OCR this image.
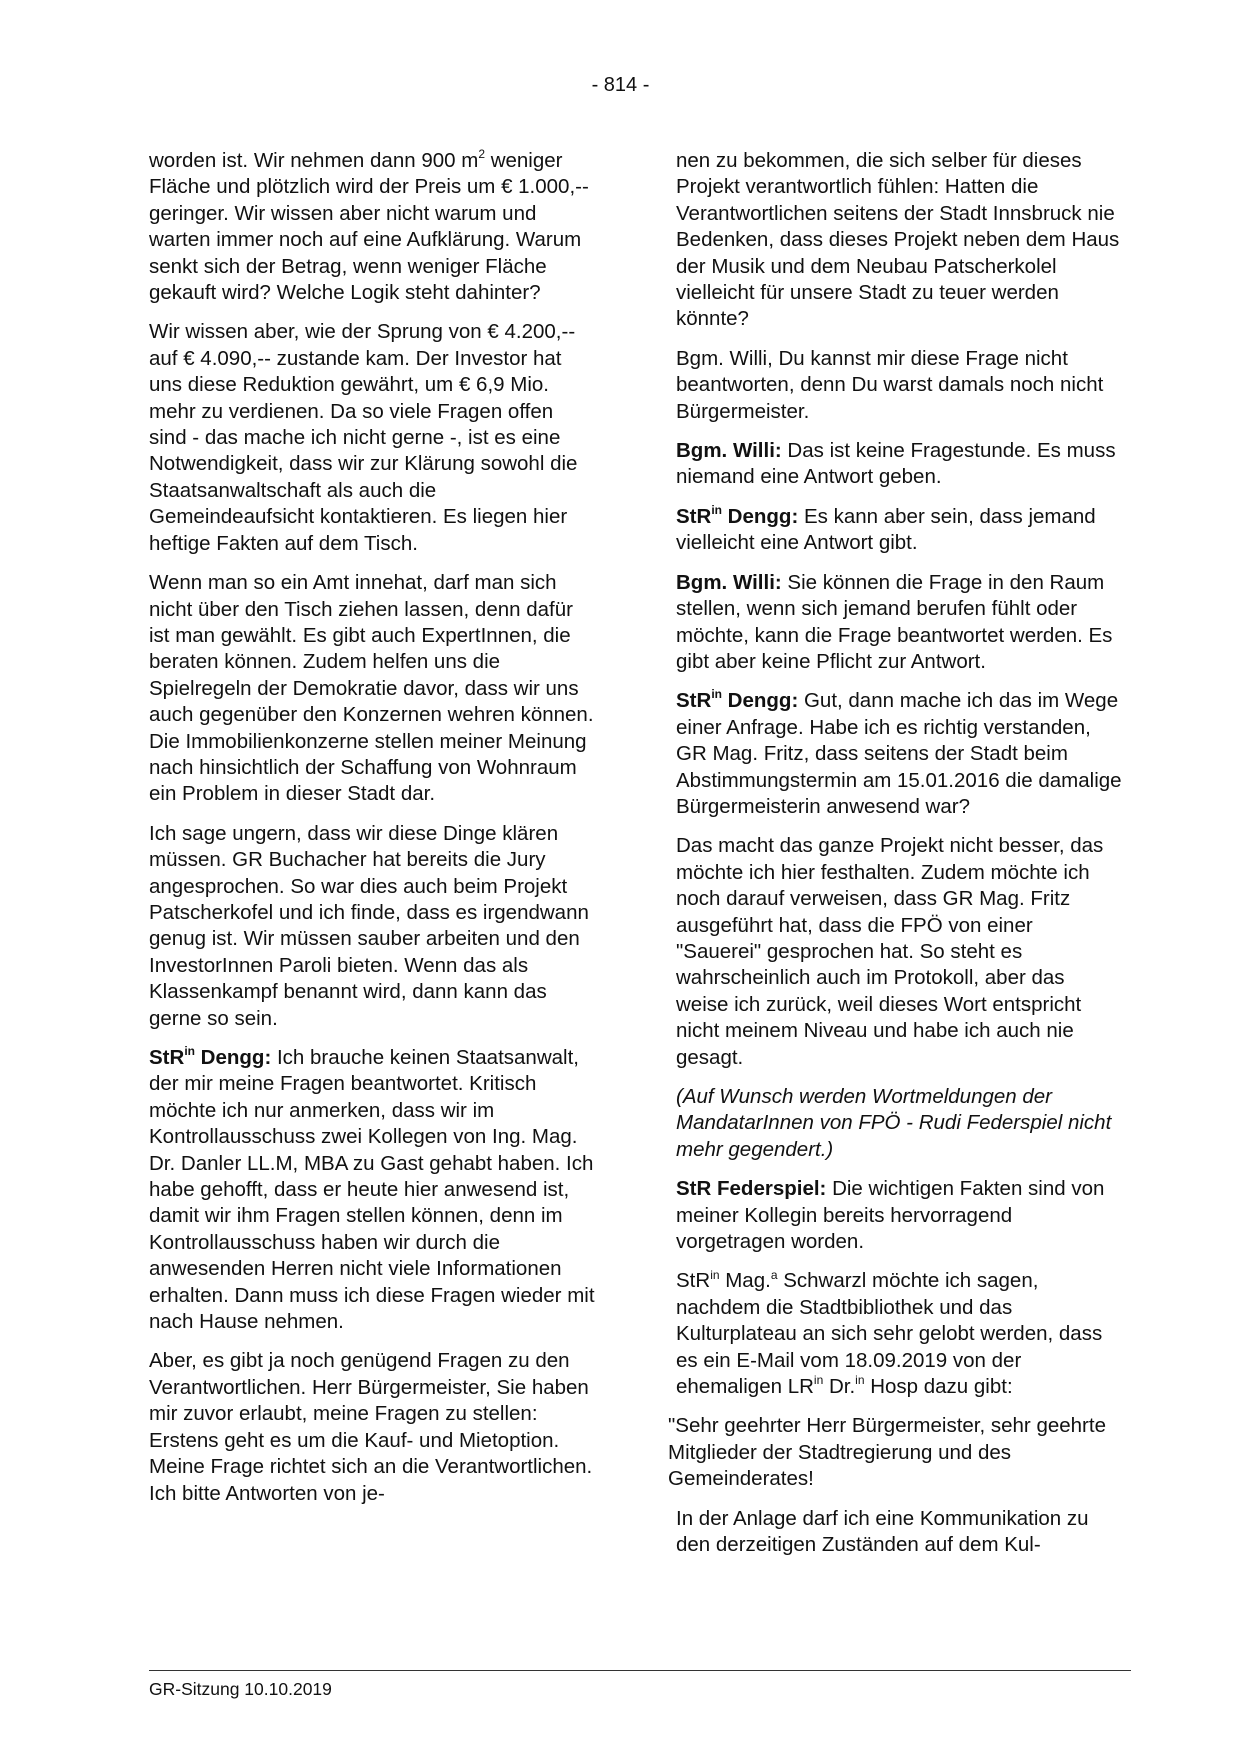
- 814 -

worden ist. Wir nehmen dann 900 $m^2$ weniger Fläche und plötzlich wird der Preis um € 1.000,-- geringer. Wir wissen aber nicht warum und warten immer noch auf eine Aufklärung. Warum senkt sich der Betrag, wenn weniger Fläche gekauft wird? Welche Logik steht dahinter?

Wir wissen aber, wie der Sprung von € 4.200,-- auf € 4.090,-- zustande kam. Der Investor hat uns diese Reduktion gewährt, um € 6,9 Mio. mehr zu verdienen. Da so viele Fragen offen sind - das mache ich nicht gerne -, ist es eine Notwendigkeit, dass wir zur Klärung sowohl die Staatsanwaltschaft als auch die Gemeindeaufsicht kontaktieren. Es liegen hier heftige Fakten auf dem Tisch.

Wenn man so ein Amt innehat, darf man sich nicht über den Tisch ziehen lassen, denn dafür ist man gewählt. Es gibt auch ExpertInnen, die beraten können. Zudem helfen uns die Spielregeln der Demokratie davor, dass wir uns auch gegenüber den Konzernen wehren können. Die Immobilienkonzerne stellen meiner Meinung nach hinsichtlich der Schaffung von Wohnraum ein Problem in dieser Stadt dar.

Ich sage ungern, dass wir diese Dinge klären müssen. GR Buchacher hat bereits die Jury angesprochen. So war dies auch beim Projekt Patscherkofel und ich finde, dass es irgendwann genug ist. Wir müssen sauber arbeiten und den InvestorInnen Paroli bieten. Wenn das als Klassenkampf benannt wird, dann kann das gerne so sein.

StR$^{in}$ Dengg: Ich brauche keinen Staatsanwalt, der mir meine Fragen beantwortet. Kritisch möchte ich nur anmerken, dass wir im Kontrollausschuss zwei Kollegen von Ing. Mag. Dr. Danler LL.M, MBA zu Gast gehabt haben. Ich habe gehofft, dass er heute hier anwesend ist, damit wir ihm Fragen stellen können, denn im Kontrollausschuss haben wir durch die anwesenden Herren nicht viele Informationen erhalten. Dann muss ich diese Fragen wieder mit nach Hause nehmen.

Aber, es gibt ja noch genügend Fragen zu den Verantwortlichen. Herr Bürgermeister, Sie haben mir zuvor erlaubt, meine Fragen zu stellen: Erstens geht es um die Kauf- und Mietoption. Meine Frage richtet sich an die Verantwortlichen. Ich bitte Antworten von je-

nen zu bekommen, die sich selber für dieses Projekt verantwortlich fühlen: Hatten die Verantwortlichen seitens der Stadt Innsbruck nie Bedenken, dass dieses Projekt neben dem Haus der Musik und dem Neubau Patscherkolel vielleicht für unsere Stadt zu teuer werden könnte?

Bgm. Willi, Du kannst mir diese Frage nicht beantworten, denn Du warst damals noch nicht Bürgermeister.

Bgm. Willi: Das ist keine Fragestunde. Es muss niemand eine Antwort geben.

StR$^{in}$ Dengg: Es kann aber sein, dass jemand vielleicht eine Antwort gibt.

Bgm. Willi: Sie können die Frage in den Raum stellen, wenn sich jemand berufen fühlt oder möchte, kann die Frage beantwortet werden. Es gibt aber keine Pflicht zur Antwort.

StR$^{in}$ Dengg: Gut, dann mache ich das im Wege einer Anfrage. Habe ich es richtig verstanden, GR Mag. Fritz, dass seitens der Stadt beim Abstimmungstermin am 15.01.2016 die damalige Bürgermeisterin anwesend war?

Das macht das ganze Projekt nicht besser, das möchte ich hier festhalten. Zudem möchte ich noch darauf verweisen, dass GR Mag. Fritz ausgeführt hat, dass die FPÖ von einer "Sauerei" gesprochen hat. So steht es wahrscheinlich auch im Protokoll, aber das weise ich zurück, weil dieses Wort entspricht nicht meinem Niveau und habe ich auch nie gesagt.

(Auf Wunsch werden Wortmeldungen der MandatarInnen von FPÖ - Rudi Federspiel nicht mehr gegendert.)

StR Federspiel: Die wichtigen Fakten sind von meiner Kollegin bereits hervorragend vorgetragen worden.

StR$^{in}$ Mag.$^a$ Schwarzl möchte ich sagen, nachdem die Stadtbibliothek und das Kulturplateau an sich sehr gelobt werden, dass es ein E-Mail vom 18.09.2019 von der ehemaligen $LR^{in}$ Dr.$^{in}$ Hosp dazu gibt:

"Sehr geehrter Herr Bürgermeister, sehr geehrte Mitglieder der Stadtregierung und des Gemeinderates!

In der Anlage darf ich eine Kommunikation zu den derzeitigen Zuständen auf dem Kul-

GR-Sitzung 10.10.2019
